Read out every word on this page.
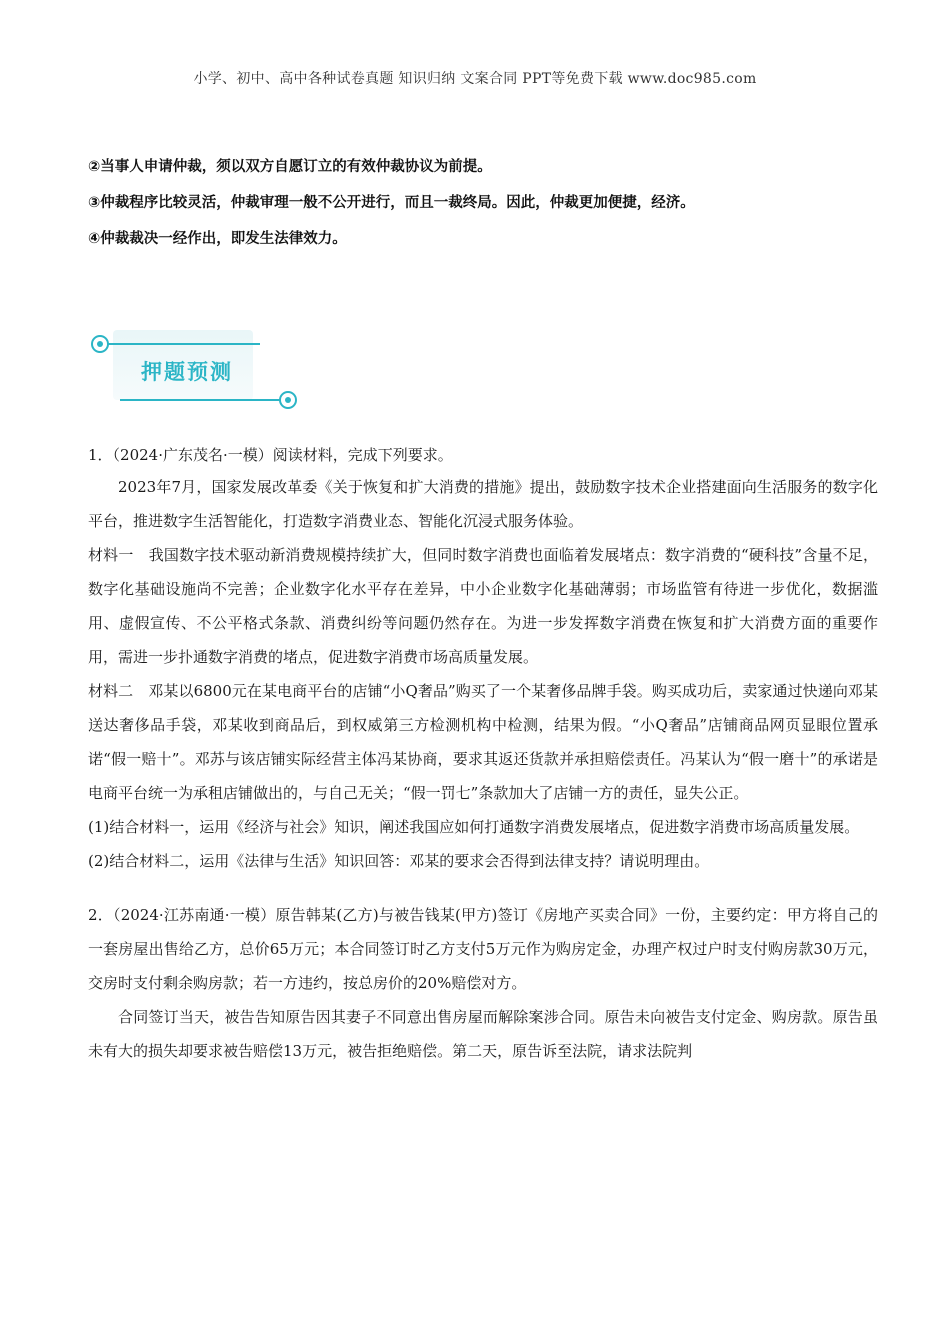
小学、初中、高中各种试卷真题 知识归纳 文案合同 PPT等免费下载 www.doc985.com

②当事人申请仲裁，须以双方自愿订立的有效仲裁协议为前提。

③仲裁程序比较灵活，仲裁审理一般不公开进行，而且一裁终局。因此，仲裁更加便捷，经济。

④仲裁裁决一经作出，即发生法律效力。

押题预测

1．（2024·广东茂名·一模）阅读材料，完成下列要求。

2023年7月，国家发展改革委《关于恢复和扩大消费的措施》提出，鼓励数字技术企业搭建面向生活服务的数字化平台，推进数字生活智能化，打造数字消费业态、智能化沉浸式服务体验。

材料一　我国数字技术驱动新消费规模持续扩大，但同时数字消费也面临着发展堵点：数字消费的“硬科技”含量不足，数字化基础设施尚不完善；企业数字化水平存在差异，中小企业数字化基础薄弱；市场监管有待进一步优化，数据滥用、虚假宣传、不公平格式条款、消费纠纷等问题仍然存在。为进一步发挥数字消费在恢复和扩大消费方面的重要作用，需进一步扑通数字消费的堵点，促进数字消费市场高质量发展。

材料二　邓某以6800元在某电商平台的店铺“小Q奢品”购买了一个某奢侈品牌手袋。购买成功后，卖家通过快递向邓某送达奢侈品手袋，邓某收到商品后，到权威第三方检测机构中检测，结果为假。“小Q奢品”店铺商品网页显眼位置承诺“假一赔十”。邓苏与该店铺实际经营主体冯某协商，要求其返还货款并承担赔偿责任。冯某认为“假一磨十”的承诺是电商平台统一为承租店铺做出的，与自己无关；“假一罚七”条款加大了店铺一方的责任，显失公正。

(1)结合材料一，运用《经济与社会》知识，阐述我国应如何打通数字消费发展堵点，促进数字消费市场高质量发展。

(2)结合材料二，运用《法律与生活》知识回答：邓某的要求会否得到法律支持？请说明理由。

2．（2024·江苏南通·一模）原告韩某(乙方)与被告钱某(甲方)签订《房地产买卖合同》一份，主要约定：甲方将自己的一套房屋出售给乙方，总价65万元；本合同签订时乙方支付5万元作为购房定金，办理产权过户时支付购房款30万元，交房时支付剩余购房款；若一方违约，按总房价的20%赔偿对方。

合同签订当天，被告告知原告因其妻子不同意出售房屋而解除案涉合同。原告未向被告支付定金、购房款。原告虽未有大的损失却要求被告赔偿13万元，被告拒绝赔偿。第二天，原告诉至法院，请求法院判
